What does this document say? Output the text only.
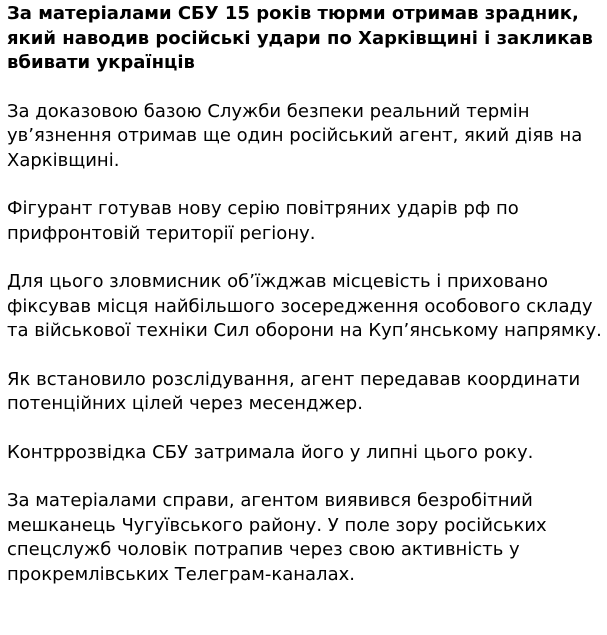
За матеріалами СБУ 15 років тюрми отримав зрадник, який наводив російські удари по Харківщині і закликав вбивати українців

За доказовою базою Служби безпеки реальний термін ув’язнення отримав ще один російський агент, який діяв на Харківщині.

Фігурант готував нову серію повітряних ударів рф по прифронтовій території регіону.

Для цього зловмисник об’їжджав місцевість і приховано фіксував місця найбільшого зосередження особового складу та військової техніки Сил оборони на Куп’янському напрямку.

Як встановило розслідування, агент передавав координати потенційних цілей через месенджер.

Контррозвідка СБУ затримала його у липні цього року.

За матеріалами справи, агентом виявився безробітний мешканець Чугуївського району. У поле зору російських спецслужб чоловік потрапив через свою активність у прокремлівських Телеграм-каналах.
